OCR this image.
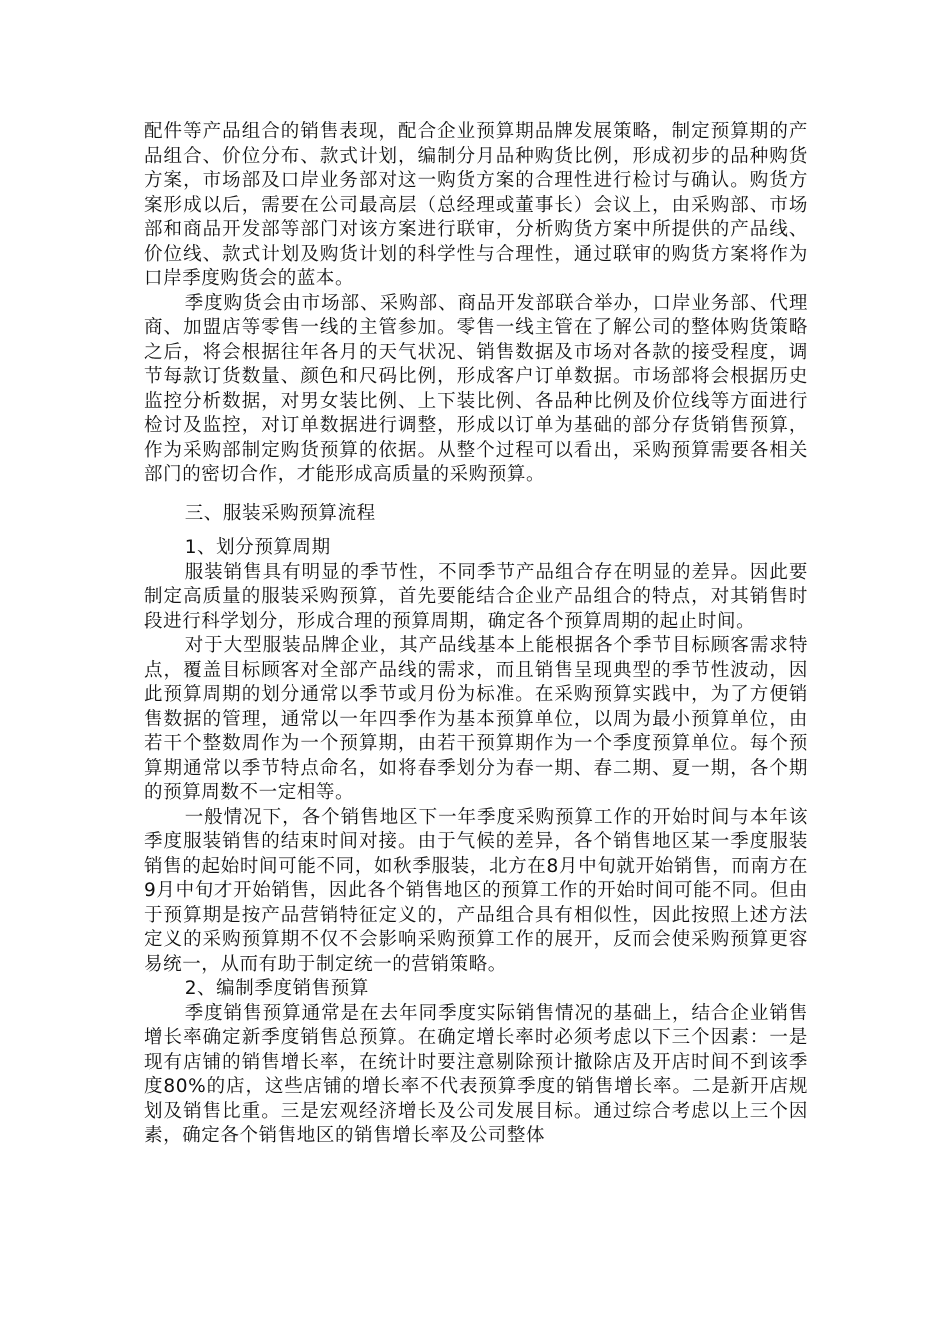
配件等产品组合的销售表现，配合企业预算期品牌发展策略，制定预算期的产品组合、价位分布、款式计划，编制分月品种购货比例，形成初步的品种购货方案，市场部及口岸业务部对这一购货方案的合理性进行检讨与确认。购货方案形成以后，需要在公司最高层（总经理或董事长）会议上，由采购部、市场部和商品开发部等部门对该方案进行联审，分析购货方案中所提供的产品线、价位线、款式计划及购货计划的科学性与合理性，通过联审的购货方案将作为口岸季度购货会的蓝本。

季度购货会由市场部、采购部、商品开发部联合举办，口岸业务部、代理商、加盟店等零售一线的主管参加。零售一线主管在了解公司的整体购货策略之后，将会根据往年各月的天气状况、销售数据及市场对各款的接受程度，调节每款订货数量、颜色和尺码比例，形成客户订单数据。市场部将会根据历史监控分析数据，对男女装比例、上下装比例、各品种比例及价位线等方面进行检讨及监控，对订单数据进行调整，形成以订单为基础的部分存货销售预算，作为采购部制定购货预算的依据。从整个过程可以看出，采购预算需要各相关部门的密切合作，才能形成高质量的采购预算。

三、服装采购预算流程

1、划分预算周期

服装销售具有明显的季节性，不同季节产品组合存在明显的差异。因此要制定高质量的服装采购预算，首先要能结合企业产品组合的特点，对其销售时段进行科学划分，形成合理的预算周期，确定各个预算周期的起止时间。

对于大型服装品牌企业，其产品线基本上能根据各个季节目标顾客需求特点，覆盖目标顾客对全部产品线的需求，而且销售呈现典型的季节性波动，因此预算周期的划分通常以季节或月份为标准。在采购预算实践中，为了方便销售数据的管理，通常以一年四季作为基本预算单位，以周为最小预算单位，由若干个整数周作为一个预算期，由若干预算期作为一个季度预算单位。每个预算期通常以季节特点命名，如将春季划分为春一期、春二期、夏一期，各个期的预算周数不一定相等。

一般情况下，各个销售地区下一年季度采购预算工作的开始时间与本年该季度服装销售的结束时间对接。由于气候的差异，各个销售地区某一季度服装销售的起始时间可能不同，如秋季服装，北方在8月中旬就开始销售，而南方在9月中旬才开始销售，因此各个销售地区的预算工作的开始时间可能不同。但由于预算期是按产品营销特征定义的，产品组合具有相似性，因此按照上述方法定义的采购预算期不仅不会影响采购预算工作的展开，反而会使采购预算更容易统一，从而有助于制定统一的营销策略。

2、编制季度销售预算

季度销售预算通常是在去年同季度实际销售情况的基础上，结合企业销售增长率确定新季度销售总预算。在确定增长率时必须考虑以下三个因素：一是现有店铺的销售增长率，在统计时要注意剔除预计撤除店及开店时间不到该季度80%的店，这些店铺的增长率不代表预算季度的销售增长率。二是新开店规划及销售比重。三是宏观经济增长及公司发展目标。通过综合考虑以上三个因素，确定各个销售地区的销售增长率及公司整体
